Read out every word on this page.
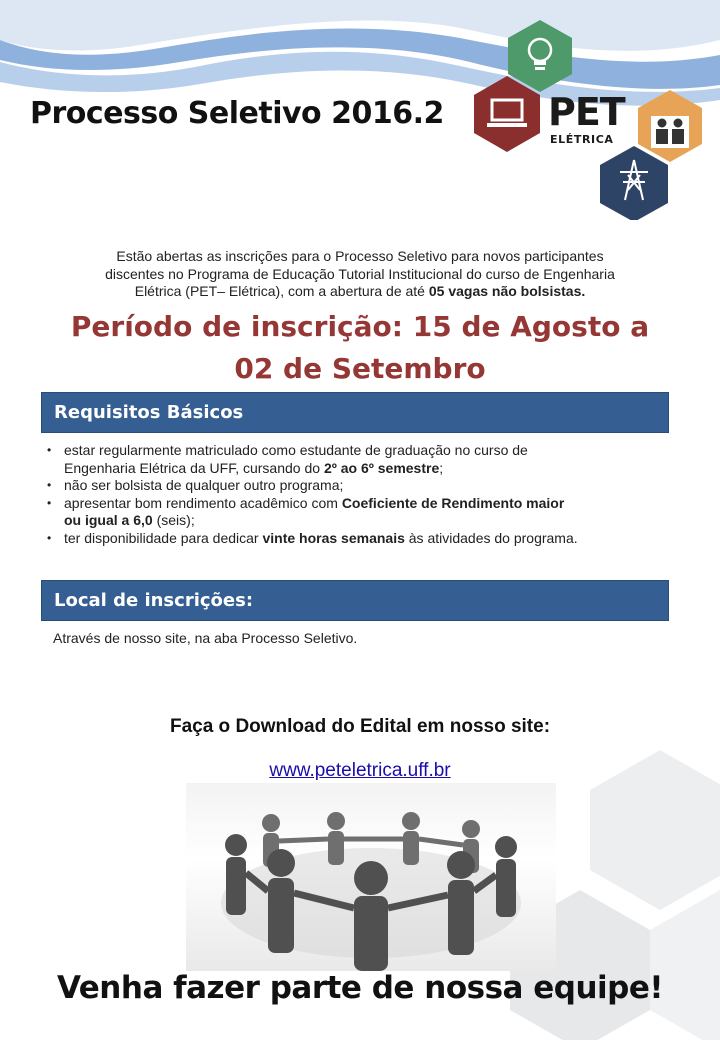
Processo Seletivo 2016.2	PET
ELÉTRICA
Estão abertas as inscrições para o Processo Seletivo para novos participantes
discentes no Programa de Educação Tutorial Institucional do curso de Engenharia
Elétrica (PET– Elétrica), com a abertura de até 05 vagas não bolsistas.
Período de inscrição: 15 de Agosto a
02 de Setembro
Requisitos Básicos
• estar regularmente matriculado como estudante de graduação no curso de
Engenharia Elétrica da UFF, cursando do 2º ao 6º semestre;
• não ser bolsista de qualquer outro programa;
• apresentar bom rendimento acadêmico com Coeficiente de Rendimento maior
ou igual a 6,0 (seis);
• ter disponibilidade para dedicar vinte horas semanais às atividades do programa.
Local de inscrições:
Através de nosso site, na aba Processo Seletivo.
Faça o Download do Edital em nosso site:
www.peteletrica.uff.br
Venha fazer parte de nossa equipe!
